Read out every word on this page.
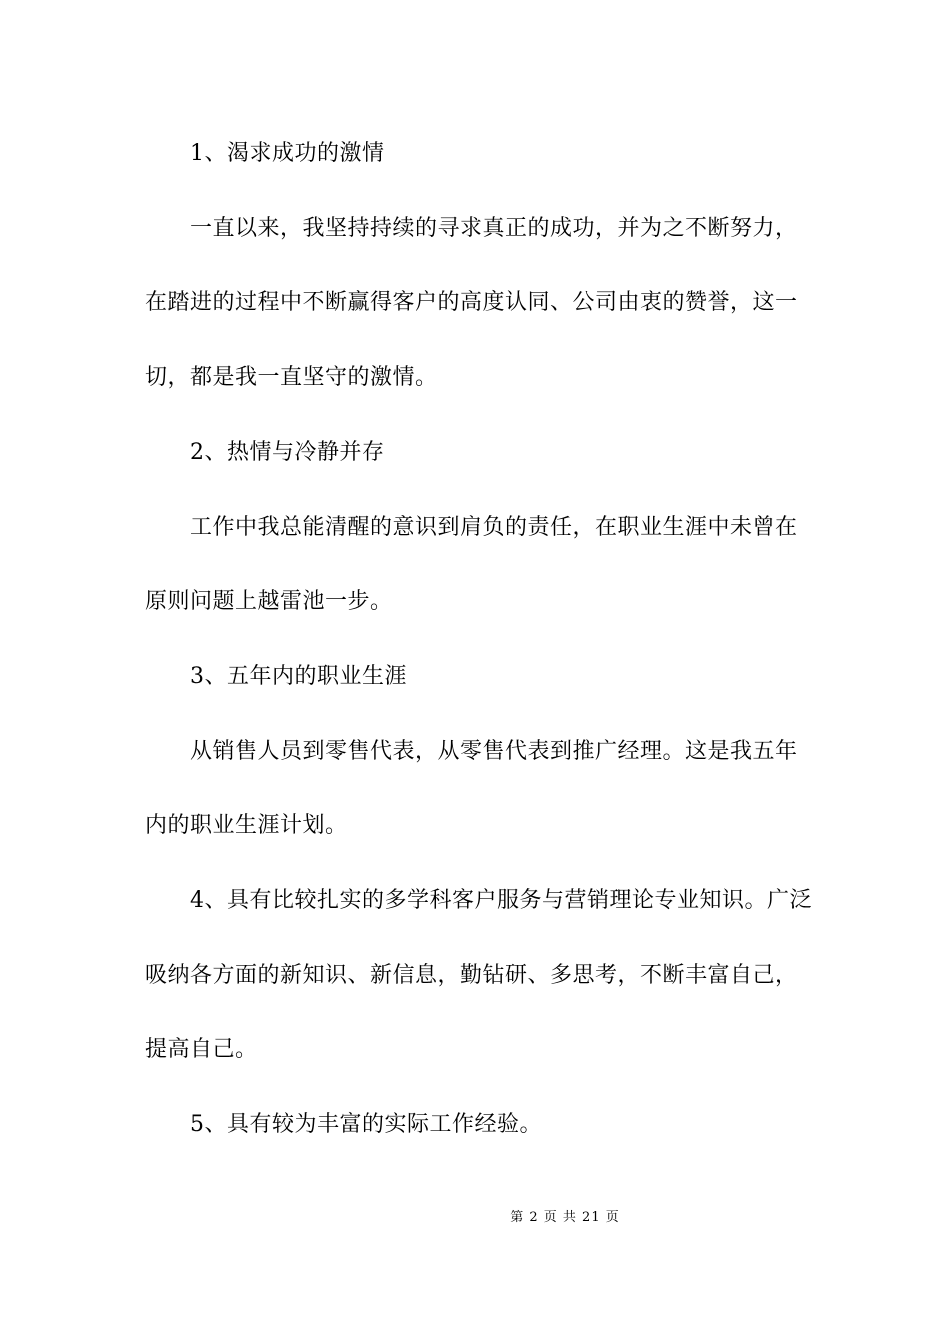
1、渴求成功的激情
一直以来，我坚持持续的寻求真正的成功，并为之不断努力，
在踏进的过程中不断赢得客户的高度认同、公司由衷的赞誉，这一
切，都是我一直坚守的激情。
2、热情与冷静并存
工作中我总能清醒的意识到肩负的责任，在职业生涯中未曾在
原则问题上越雷池一步。
3、五年内的职业生涯
从销售人员到零售代表，从零售代表到推广经理。这是我五年
内的职业生涯计划。
4、具有比较扎实的多学科客户服务与营销理论专业知识。广泛
吸纳各方面的新知识、新信息，勤钻研、多思考，不断丰富自己，
提高自己。
5、具有较为丰富的实际工作经验。
第 2 页 共 21 页
